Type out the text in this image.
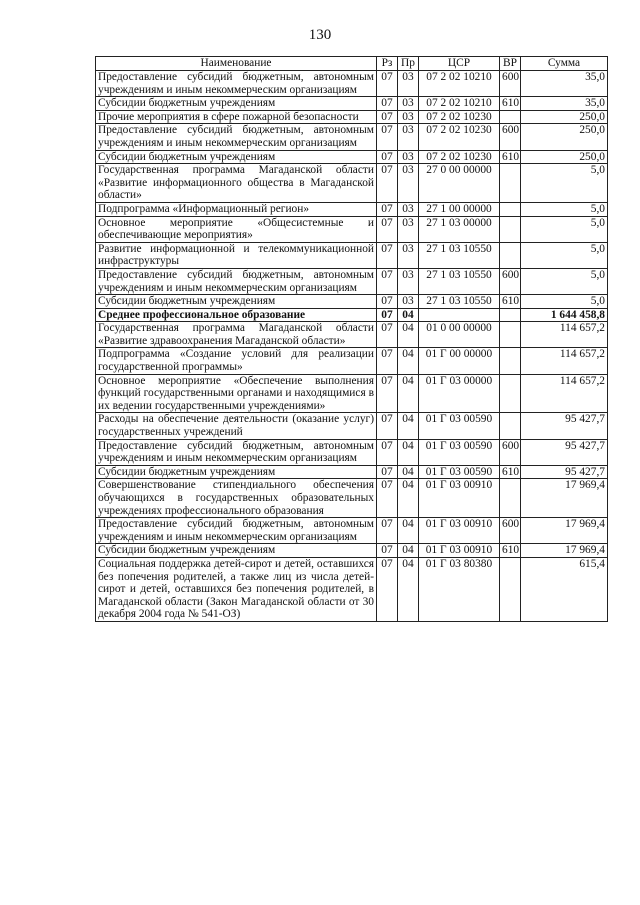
130
Наименование	Рз	Пр	ЦСР	ВР	Сумма
Предоставление субсидий бюджетным, автономным учреждениям и иным некоммерческим организациям	07	03	07 2 02 10210	600	35,0
Субсидии бюджетным учреждениям	07	03	07 2 02 10210	610	35,0
Прочие мероприятия в сфере пожарной безопасности	07	03	07 2 02 10230		250,0
Предоставление субсидий бюджетным, автономным учреждениям и иным некоммерческим организациям	07	03	07 2 02 10230	600	250,0
Субсидии бюджетным учреждениям	07	03	07 2 02 10230	610	250,0
Государственная программа Магаданской области «Развитие информационного общества в Магаданской области»	07	03	27 0 00 00000		5,0
Подпрограмма «Информационный регион»	07	03	27 1 00 00000		5,0
Основное мероприятие «Общесистемные и обеспечивающие мероприятия»	07	03	27 1 03 00000		5,0
Развитие информационной и телекоммуникационной инфраструктуры	07	03	27 1 03 10550		5,0
Предоставление субсидий бюджетным, автономным учреждениям и иным некоммерческим организациям	07	03	27 1 03 10550	600	5,0
Субсидии бюджетным учреждениям	07	03	27 1 03 10550	610	5,0
Среднее профессиональное образование	07	04			1 644 458,8
Государственная программа Магаданской области «Развитие здравоохранения Магаданской области»	07	04	01 0 00 00000		114 657,2
Подпрограмма «Создание условий для реализации государственной программы»	07	04	01 Г 00 00000		114 657,2
Основное мероприятие «Обеспечение выполнения функций государственными органами и находящимися в их ведении государственными учреждениями»	07	04	01 Г 03 00000		114 657,2
Расходы на обеспечение деятельности (оказание услуг) государственных учреждений	07	04	01 Г 03 00590		95 427,7
Предоставление субсидий бюджетным, автономным учреждениям и иным некоммерческим организациям	07	04	01 Г 03 00590	600	95 427,7
Субсидии бюджетным учреждениям	07	04	01 Г 03 00590	610	95 427,7
Совершенствование стипендиального обеспечения обучающихся в государственных образовательных учреждениях профессионального образования	07	04	01 Г 03 00910		17 969,4
Предоставление субсидий бюджетным, автономным учреждениям и иным некоммерческим организациям	07	04	01 Г 03 00910	600	17 969,4
Субсидии бюджетным учреждениям	07	04	01 Г 03 00910	610	17 969,4
Социальная поддержка детей-сирот и детей, оставшихся без попечения родителей, а также лиц из числа детей-сирот и детей, оставшихся без попечения родителей, в Магаданской области (Закон Магаданской области от 30 декабря 2004 года № 541-ОЗ)	07	04	01 Г 03 80380		615,4
